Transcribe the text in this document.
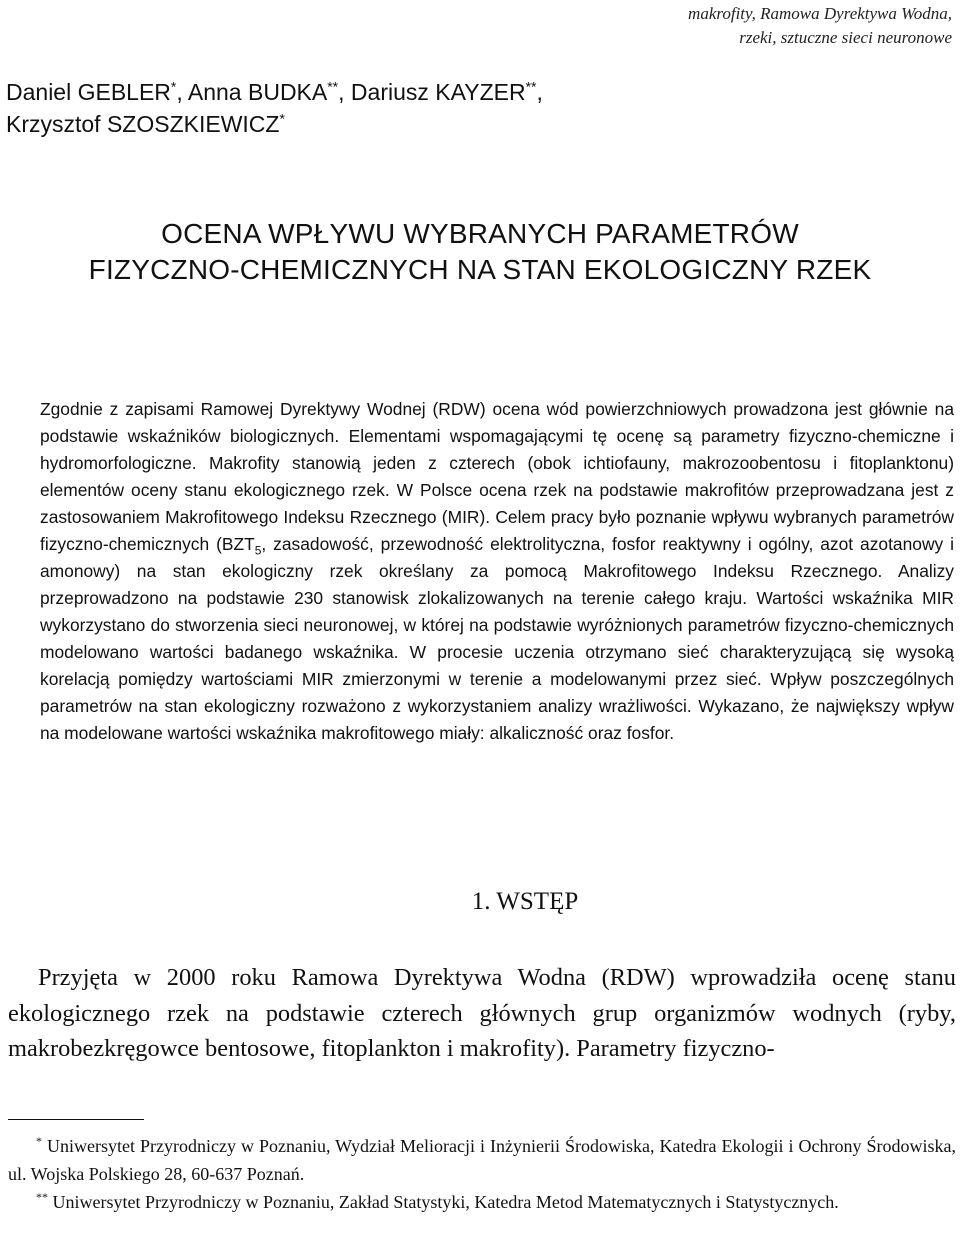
makrofity, Ramowa Dyrektywa Wodna,
rzeki, sztuczne sieci neuronowe
Daniel GEBLER*, Anna BUDKA**, Dariusz KAYZER**,
Krzysztof SZOSZKIEWICZ*
OCENA WPŁYWU WYBRANYCH PARAMETRÓW
FIZYCZNO-CHEMICZNYCH NA STAN EKOLOGICZNY RZEK
Zgodnie z zapisami Ramowej Dyrektywy Wodnej (RDW) ocena wód powierzchniowych prowadzona jest głównie na podstawie wskaźników biologicznych. Elementami wspomagającymi tę ocenę są parametry fizyczno-chemiczne i hydromorfologiczne. Makrofity stanowią jeden z czterech (obok ichtiofauny, makrozoobentosu i fitoplanktonu) elementów oceny stanu ekologicznego rzek. W Polsce ocena rzek na podstawie makrofitów przeprowadzana jest z zastosowaniem Makrofitowego Indeksu Rzecznego (MIR). Celem pracy było poznanie wpływu wybranych parametrów fizyczno-chemicznych ($BZT_5$, zasadowość, przewodność elektrolityczna, fosfor reaktywny i ogólny, azot azotanowy i amonowy) na stan ekologiczny rzek określany za pomocą Makrofitowego Indeksu Rzecznego. Analizy przeprowadzono na podstawie 230 stanowisk zlokalizowanych na terenie całego kraju. Wartości wskaźnika MIR wykorzystano do stworzenia sieci neuronowej, w której na podstawie wyróżnionych parametrów fizyczno-chemicznych modelowano wartości badanego wskaźnika. W procesie uczenia otrzymano sieć charakteryzującą się wysoką korelacją pomiędzy wartościami MIR zmierzonymi w terenie a modelowanymi przez sieć. Wpływ poszczególnych parametrów na stan ekologiczny rozważono z wykorzystaniem analizy wrażliwości. Wykazano, że największy wpływ na modelowane wartości wskaźnika makrofitowego miały: alkaliczność oraz fosfor.
1. WSTĘP
Przyjęta w 2000 roku Ramowa Dyrektywa Wodna (RDW) wprowadziła ocenę stanu ekologicznego rzek na podstawie czterech głównych grup organizmów wodnych (ryby, makrobezkręgowce bentosowe, fitoplankton i makrofity). Parametry fizyczno-
* Uniwersytet Przyrodniczy w Poznaniu, Wydział Melioracji i Inżynierii Środowiska, Katedra Ekologii i Ochrony Środowiska, ul. Wojska Polskiego 28, 60-637 Poznań.
** Uniwersytet Przyrodniczy w Poznaniu, Zakład Statystyki, Katedra Metod Matematycznych i Statystycznych.
